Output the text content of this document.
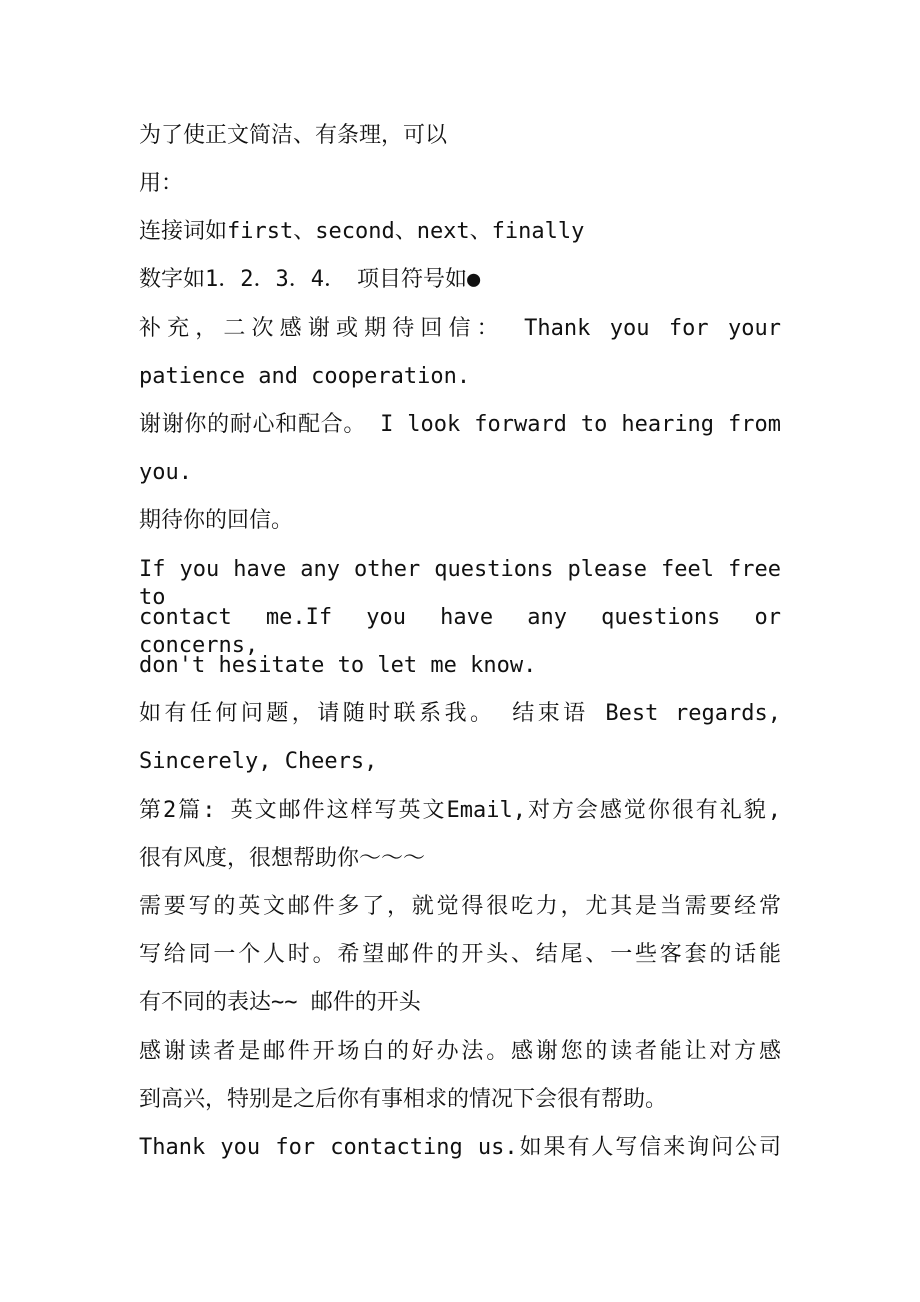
为了使正文简洁、有条理，可以
用：
连接词如first、second、next、finally
数字如1．2．3．4．　项目符号如●
补充，二次感谢或期待回信： Thank you for your
patience and cooperation.
谢谢你的耐心和配合。 I look forward to hearing from
you.
期待你的回信。
If you have any other questions please feel free to
contact me.If you have any questions or concerns,
don't hesitate to let me know.
如有任何问题，请随时联系我。 结束语 Best regards,
Sincerely, Cheers,
第2篇: 英文邮件这样写英文Email,对方会感觉你很有礼貌,
很有风度，很想帮助你～～～
需要写的英文邮件多了，就觉得很吃力，尤其是当需要经常
写给同一个人时。希望邮件的开头、结尾、一些客套的话能
有不同的表达~~ 邮件的开头
感谢读者是邮件开场白的好办法。感谢您的读者能让对方感
到高兴，特别是之后你有事相求的情况下会很有帮助。
Thank you for contacting us.如果有人写信来询问公司
